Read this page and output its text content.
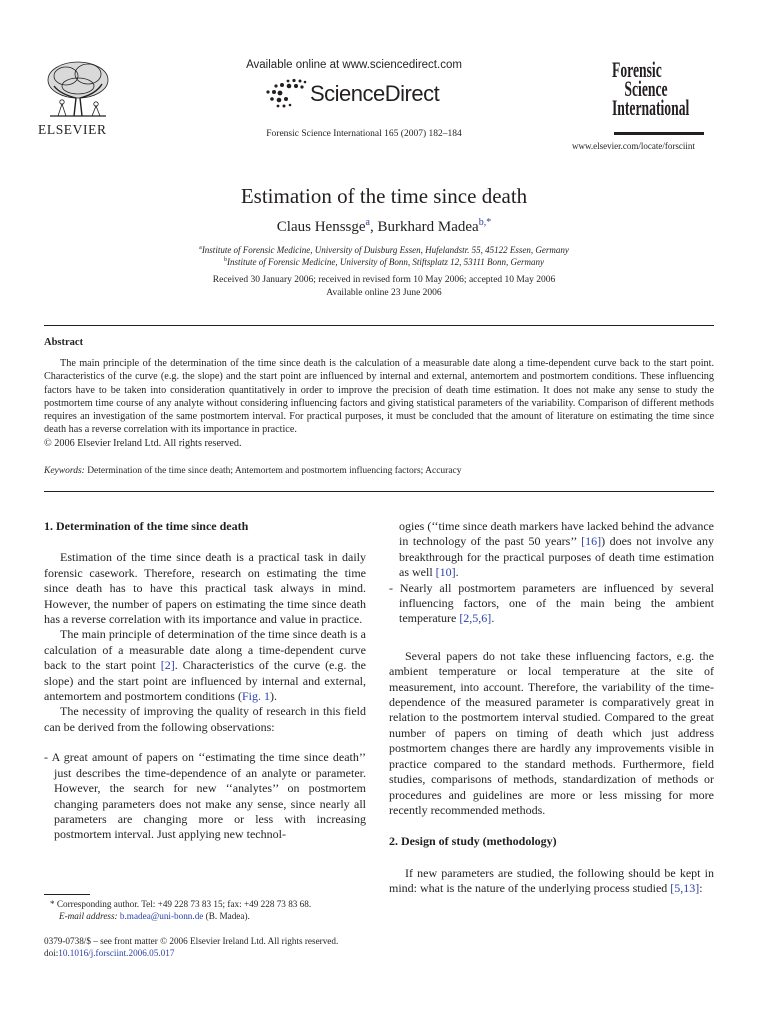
ELSEVIER
Available online at www.sciencedirect.com
ScienceDirect
Forensic Science International 165 (2007) 182–184
Forensic
Science
International
www.elsevier.com/locate/forsciint
Estimation of the time since death
Claus Henssge$^a$, Burkhard Madea$^{b,*}$
$^a$Institute of Forensic Medicine, University of Duisburg Essen, Hufelandstr. 55, 45122 Essen, Germany
$^b$Institute of Forensic Medicine, University of Bonn, Stiftsplatz 12, 53111 Bonn, Germany
Received 30 January 2006; received in revised form 10 May 2006; accepted 10 May 2006
Available online 23 June 2006
Abstract

The main principle of the determination of the time since death is the calculation of a measurable date along a time-dependent curve back to the start point. Characteristics of the curve (e.g. the slope) and the start point are influenced by internal and external, antemortem and postmortem conditions. These influencing factors have to be taken into consideration quantitatively in order to improve the precision of death time estimation. It does not make any sense to study the postmortem time course of any analyte without considering influencing factors and giving statistical parameters of the variability. Comparison of different methods requires an investigation of the same postmortem interval. For practical purposes, it must be concluded that the amount of literature on estimating the time since death has a reverse correlation with its importance in practice.

© 2006 Elsevier Ireland Ltd. All rights reserved.

Keywords: Determination of the time since death; Antemortem and postmortem influencing factors; Accuracy
1. Determination of the time since death

Estimation of the time since death is a practical task in daily forensic casework. Therefore, research on estimating the time since death has to have this practical task always in mind. However, the number of papers on estimating the time since death has a reverse correlation with its importance and value in practice.

The main principle of determination of the time since death is a calculation of a measurable date along a time-dependent curve back to the start point [2]. Characteristics of the curve (e.g. the slope) and the start point are influenced by internal and external, antemortem and postmortem conditions (Fig. 1).

The necessity of improving the quality of research in this field can be derived from the following observations:

- A great amount of papers on ‘‘estimating the time since death’’ just describes the time-dependence of an analyte or parameter. However, the search for new ‘‘analytes’’ on postmortem changing parameters does not make any sense, since nearly all parameters are changing more or less with increasing postmortem interval. Just applying new technol-
* Corresponding author. Tel: +49 228 73 83 15; fax: +49 228 73 83 68.
E-mail address: b.madea@uni-bonn.de (B. Madea).
0379-0738/$ – see front matter © 2006 Elsevier Ireland Ltd. All rights reserved.
doi:10.1016/j.forsciint.2006.05.017
ogies (‘‘time since death markers have lacked behind the advance in technology of the past 50 years’’ [16]) does not involve any breakthrough for the practical purposes of death time estimation as well [10].
- Nearly all postmortem parameters are influenced by several influencing factors, one of the main being the ambient temperature [2,5,6].

Several papers do not take these influencing factors, e.g. the ambient temperature or local temperature at the site of measurement, into account. Therefore, the variability of the time-dependence of the measured parameter is comparatively great in relation to the postmortem interval studied. Compared to the great number of papers on timing of death which just address postmortem changes there are hardly any improvements visible in practice compared to the standard methods. Furthermore, field studies, comparisons of methods, standardization of methods or procedures and guidelines are more or less missing for more recently recommended methods.

2. Design of study (methodology)

If new parameters are studied, the following should be kept in mind: what is the nature of the underlying process studied [5,13]:
